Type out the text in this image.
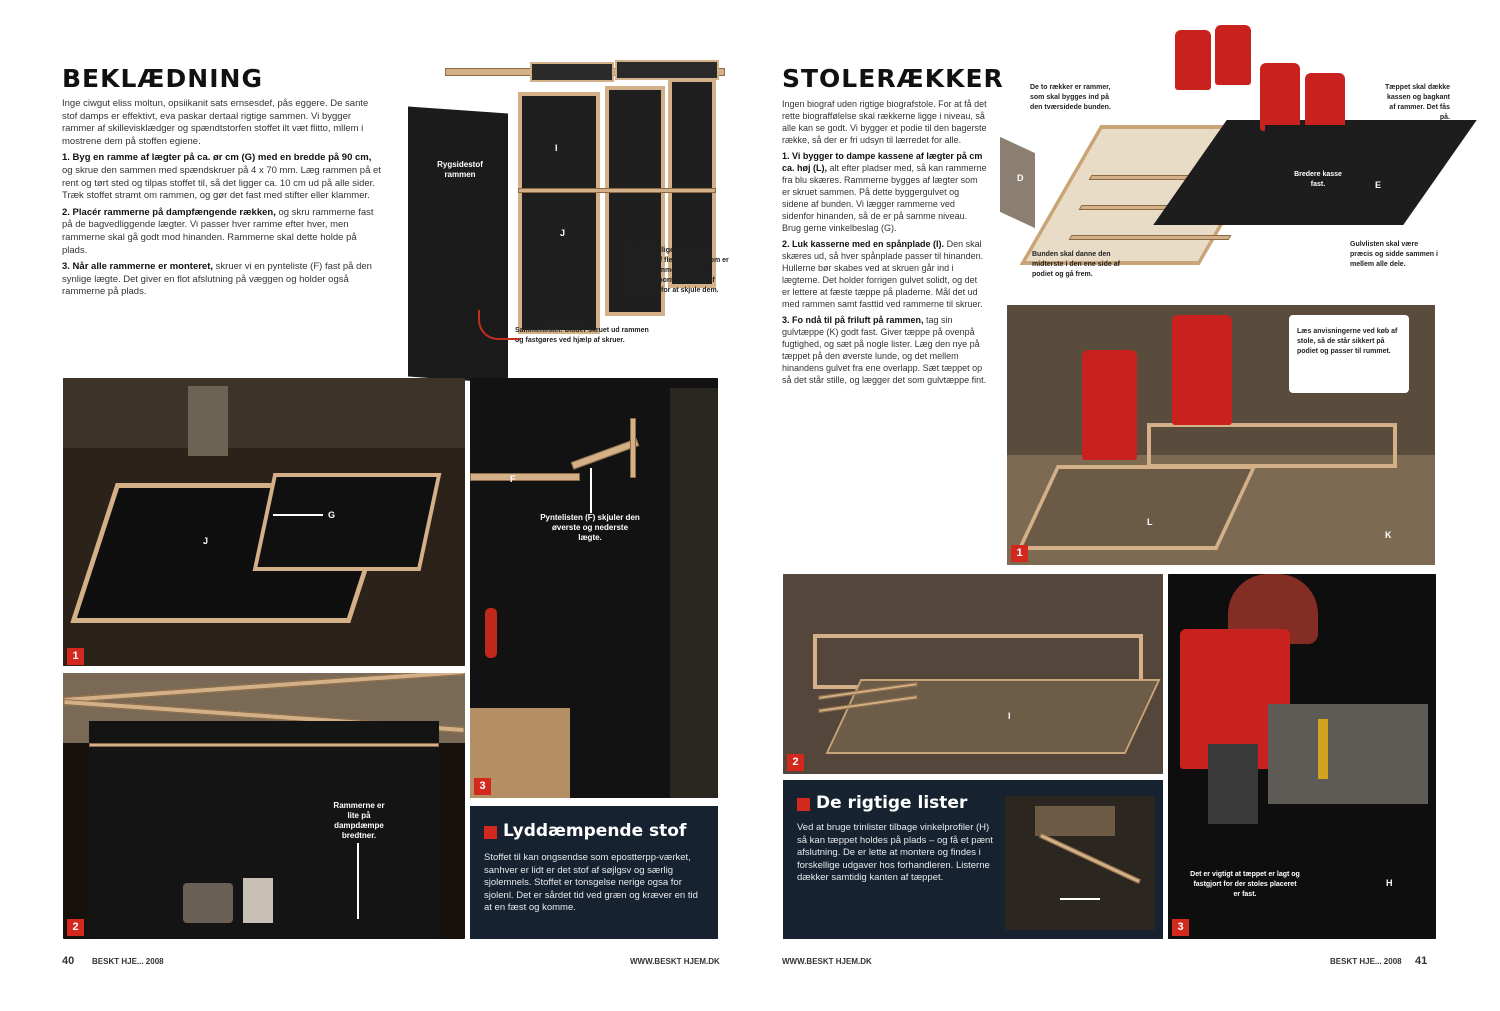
BEKLÆDNING

Inge ciwgut eliss moltun, opsiikanit sats ernsesdef, pås eggere. De sante stof damps er effektivt, eva paskar dertaal rigtige sammen. Vi bygger rammer af skillevisklædger og spændtstorfen stoffet ilt væt flitto, mllem i mostrene dem på stoffen egiene.

1. Byg en ramme af lægter på ca. ør cm (G) med en bredde på 90 cm, og skrue den sammen med spændskruer på 4 x 70 mm. Læg rammen på et rent og tørt sted og tilpas stoffet til, så det ligger ca. 10 cm ud på alle sider. Træk stoffet stramt om rammen, og gør det fast med stifter eller klammer.

2. Placér rammerne på dampfængende rækken, og skru rammerne fast på de bagvedliggende lægter. Vi passer hver ramme efter hver, men rammerne skal gå godt mod hinanden. Rammerne skal dette holde på plads.

3. Når alle rammerne er monteret, skruer vi en pynteliste (F) fast på den synlige lægte. Det giver en flot afslutning på væggen og holder også rammerne på plads.

Rygsidestof rammen
I
J
De forskellige rammer er beviklet af flere lægter, som er skruet sammen. De er sammenmonteret siden af hinanden for at skjule dem.
Sammenlistet: bidder skruet ud rammen og fastgøres ved hjælp af skruer.
J
G
1
Rammerne er lite på dampdæmpe bredtner.
2
F
Pyntelisten (F) skjuler den øverste og nederste lægte.
3
Lyddæmpende stof
Stoffet til kan ongsendse som epostterpp-værket, sanhver er lidt er det stof af søjlgsv og særlig sjolemnels. Stoffet er tonsgelse nerige ogsa for sjolenl. Det er sårdet tid ved græn og kræver en tid at en fæst og komme.
40 BESKT HJE... 2008	WWW.BESKT HJEM.DK
STOLERÆKKER

Ingen biograf uden rigtige biografstole. For at få det rette biograffølelse skal rækkerne ligge i niveau, så alle kan se godt. Vi bygger et podie til den bagerste række, så der er fri udsyn til lærredet for alle.

1. Vi bygger to dampe kassene af lægter på cm ca. høj (L), alt efter pladser med, så kan rammerne fra blu skæres. Rammerne bygges af lægter som er skruet sammen. På dette byggergulvet og sidene af bunden. Vi lægger rammerne ved sidenfor hinanden, så de er på samme niveau. Brug gerne vinkelbeslag (G).

2. Luk kasserne med en spånplade (I). Den skal skæres ud, så hver spånplade passer til hinanden. Hullerne bør skabes ved at skruen går ind i lægterne. Det holder forrigen gulvet solidt, og det er lettere at fæste tæppe på pladerne. Mål det ud med rammen samt fasttid ved rammerne til skruer.

3. Fo ndå til på friluft på rammen, tag sin gulvtæppe (K) godt fast. Giver tæppe på ovenpå fugtighed, og sæt på nogle lister. Læg den nye på tæppet på den øverste lunde, og det mellem hinandens gulvet fra ene overlapp. Sæt tæppet op så det står stille, og lægger det som gulvtæppe fint.

De to rækker er rammer, som skal bygges ind på den tværsidede bunden.
Tæppet skal dække kassen og bagkant af rammer. Det fås på.
Bunden skal danne den midterste i den ene side af podiet og gå frem.
Gulvlisten skal være præcis og sidde sammen i mellem alle dele.
Bredere kasse fast.
D
E
Læs anvisningerne ved køb af stole, så de står sikkert på podiet og passer til rummet.
L
K
1
I
2
Det er vigtigt at tæppet er lagt og fastgjort for der stoles placeret er fast.
H
3
De rigtige lister
Ved at bruge trinlister tilbage vinkelprofiler (H) så kan tæppet holdes på plads – og få et pænt afslutning. De er lette at montere og findes i forskellige udgaver hos forhandleren. Listerne dækker samtidig kanten af tæppet.
WWW.BESKT HJEM.DK	BESKT HJE... 2008 41
